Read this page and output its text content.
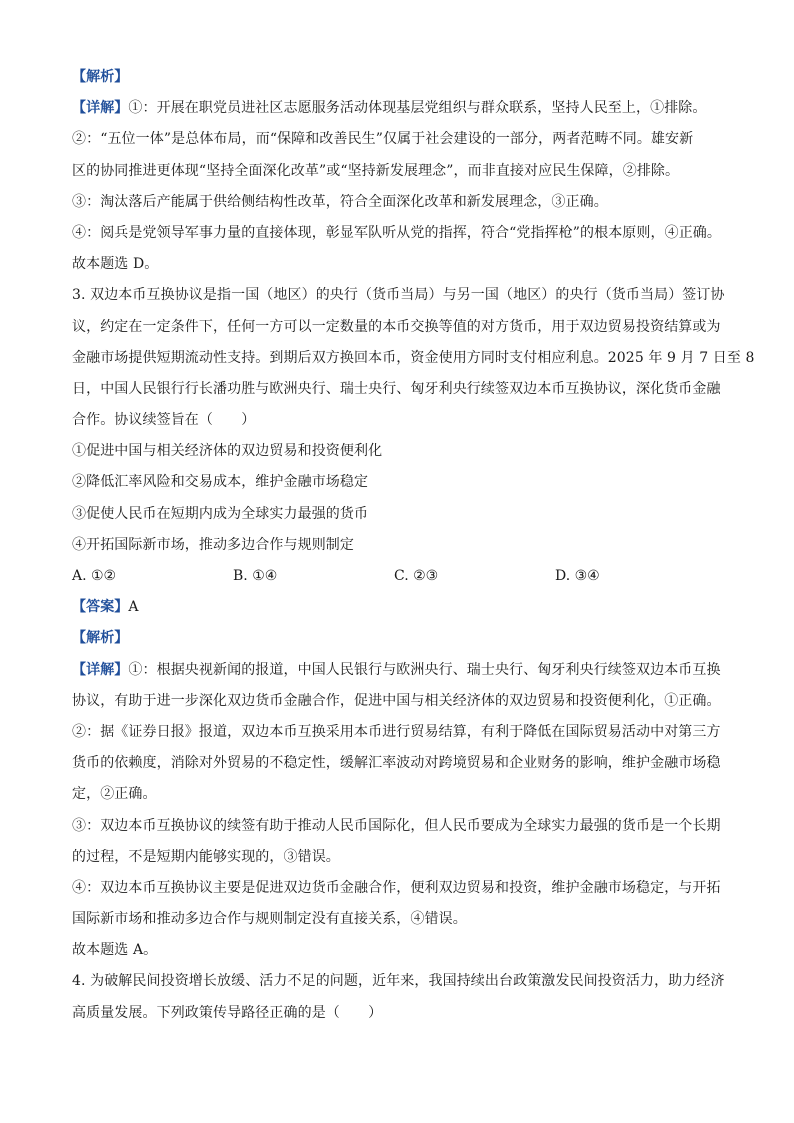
【解析】
【详解】①：开展在职党员进社区志愿服务活动体现基层党组织与群众联系，坚持人民至上，①排除。
②：“五位一体”是总体布局，而“保障和改善民生”仅属于社会建设的一部分，两者范畴不同。雄安新
区的协同推进更体现“坚持全面深化改革”或“坚持新发展理念”，而非直接对应民生保障，②排除。
③：淘汰落后产能属于供给侧结构性改革，符合全面深化改革和新发展理念，③正确。
④：阅兵是党领导军事力量的直接体现，彰显军队听从党的指挥，符合“党指挥枪”的根本原则，④正确。
故本题选 D。
3. 双边本币互换协议是指一国（地区）的央行（货币当局）与另一国（地区）的央行（货币当局）签订协
议，约定在一定条件下，任何一方可以一定数量的本币交换等值的对方货币，用于双边贸易投资结算或为
金融市场提供短期流动性支持。到期后双方换回本币，资金使用方同时支付相应利息。2025 年 9 月 7 日至 8
日，中国人民银行行长潘功胜与欧洲央行、瑞士央行、匈牙利央行续签双边本币互换协议，深化货币金融
合作。协议续签旨在（　　）
①促进中国与相关经济体的双边贸易和投资便利化
②降低汇率风险和交易成本，维护金融市场稳定
③促使人民币在短期内成为全球实力最强的货币
④开拓国际新市场，推动多边合作与规则制定
A. ①②	B. ①④	C. ②③	D. ③④
【答案】A
【解析】
【详解】①：根据央视新闻的报道，中国人民银行与欧洲央行、瑞士央行、匈牙利央行续签双边本币互换
协议，有助于进一步深化双边货币金融合作，促进中国与相关经济体的双边贸易和投资便利化，①正确。
②：据《证券日报》报道，双边本币互换采用本币进行贸易结算，有利于降低在国际贸易活动中对第三方
货币的依赖度，消除对外贸易的不稳定性，缓解汇率波动对跨境贸易和企业财务的影响，维护金融市场稳
定，②正确。
③：双边本币互换协议的续签有助于推动人民币国际化，但人民币要成为全球实力最强的货币是一个长期
的过程，不是短期内能够实现的，③错误。
④：双边本币互换协议主要是促进双边货币金融合作，便利双边贸易和投资，维护金融市场稳定，与开拓
国际新市场和推动多边合作与规则制定没有直接关系，④错误。
故本题选 A。
4. 为破解民间投资增长放缓、活力不足的问题，近年来，我国持续出台政策激发民间投资活力，助力经济
高质量发展。下列政策传导路径正确的是（　　）
